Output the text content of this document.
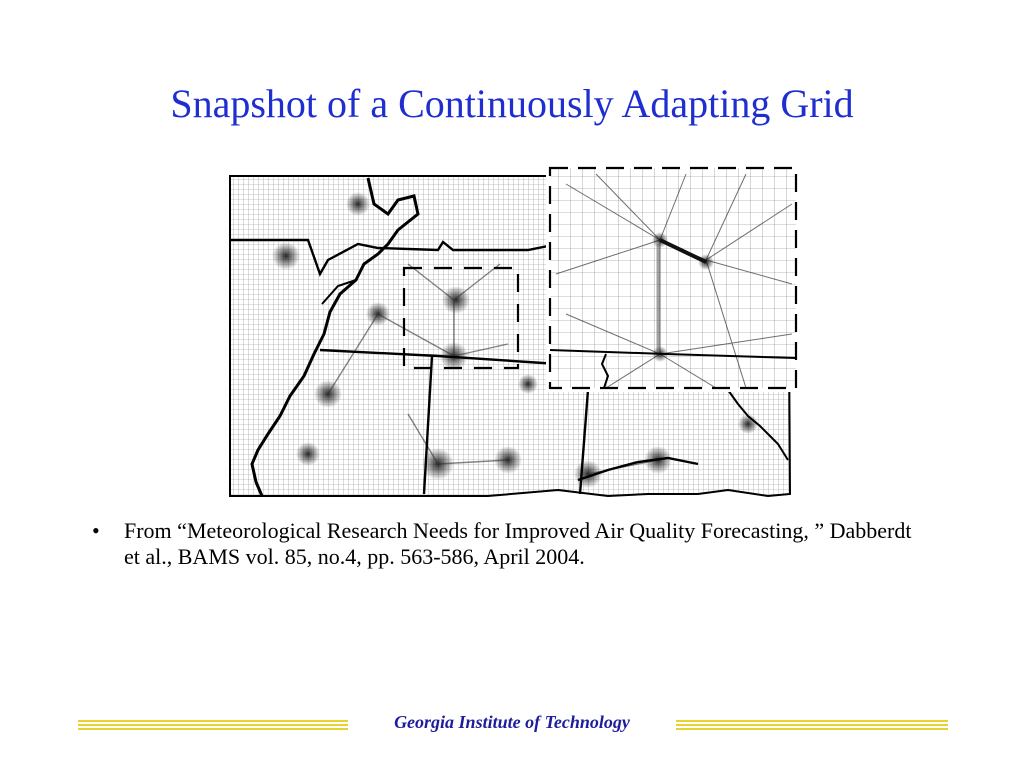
Snapshot of a Continuously Adapting Grid
•	From “Meteorological Research Needs for Improved Air Quality Forecasting, ” Dabberdt et al., BAMS vol. 85, no.4, pp. 563-586, April 2004.
Georgia Institute of Technology
